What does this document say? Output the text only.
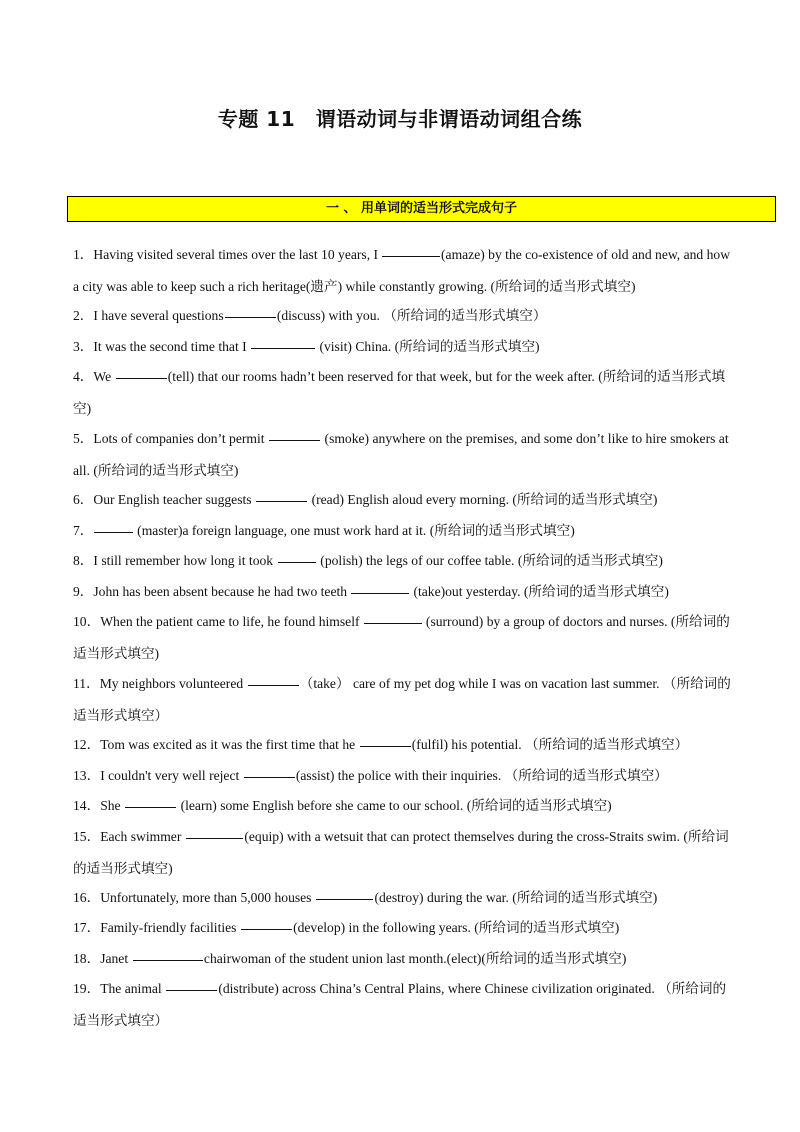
专题 11　谓语动词与非谓语动词组合练
一 、 用单词的适当形式完成句子
1．Having visited several times over the last 10 years, I	(amaze) by the co-existence of old and new, and how a city was able to keep such a rich heritage(遗产) while constantly growing. (所给词的适当形式填空)
2．I have several questions	(discuss) with you. （所给词的适当形式填空）
3．It was the second time that I	(visit) China. (所给词的适当形式填空)
4．We	(tell) that our rooms hadn’t been reserved for that week, but for the week after. (所给词的适当形式填空)
5．Lots of companies don’t permit	(smoke) anywhere on the premises, and some don’t like to hire smokers at all. (所给词的适当形式填空)
6．Our English teacher suggests	(read) English aloud every morning. (所给词的适当形式填空)
7．	(master)a foreign language, one must work hard at it. (所给词的适当形式填空)
8．I still remember how long it took	(polish) the legs of our coffee table. (所给词的适当形式填空)
9．John has been absent because he had two teeth	(take)out yesterday. (所给词的适当形式填空)
10．When the patient came to life, he found himself	(surround) by a group of doctors and nurses. (所给词的适当形式填空)
11．My neighbors volunteered	（take） care of my pet dog while I was on vacation last summer. （所给词的适当形式填空）
12．Tom was excited as it was the first time that he	(fulfil) his potential. （所给词的适当形式填空）
13．I couldn't very well reject	(assist) the police with their inquiries. （所给词的适当形式填空）
14．She	(learn) some English before she came to our school. (所给词的适当形式填空)
15．Each swimmer	(equip) with a wetsuit that can protect themselves during the cross-Straits swim. (所给词的适当形式填空)
16．Unfortunately, more than 5,000 houses	(destroy) during the war. (所给词的适当形式填空)
17．Family-friendly facilities	(develop) in the following years. (所给词的适当形式填空)
18．Janet	chairwoman of the student union last month.(elect)(所给词的适当形式填空)
19．The animal	(distribute) across China’s Central Plains, where Chinese civilization originated. （所给词的适当形式填空）
